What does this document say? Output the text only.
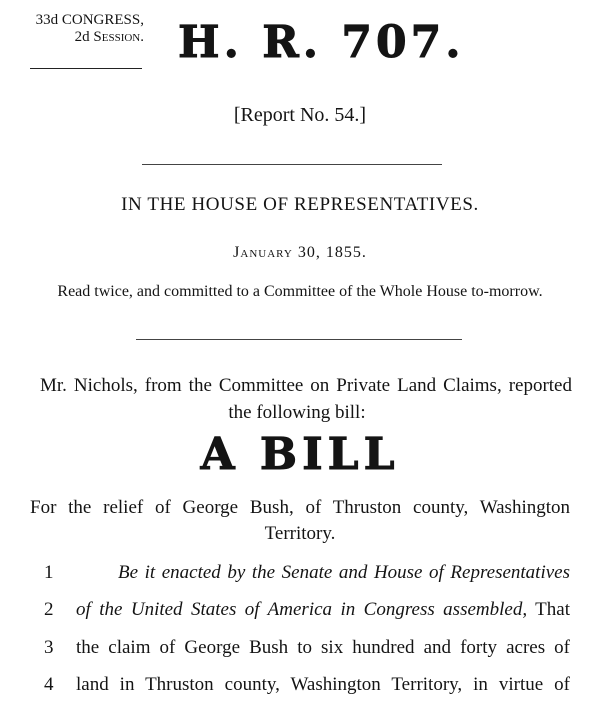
33d CONGRESS,
2d Session. H. R. 707.
[Report No. 54.]
IN THE HOUSE OF REPRESENTATIVES.
January 30, 1855.
Read twice, and committed to a Committee of the Whole House to-morrow.
Mr. Nichols, from the Committee on Private Land Claims, reported the following bill:
A BILL
For the relief of George Bush, of Thruston county, Washington Territory.
1	Be it enacted by the Senate and House of Representatives
2	of the United States of America in Congress assembled, That
3	the claim of George Bush to six hundred and forty acres of
4	land in Thruston county, Washington Territory, in virtue of
